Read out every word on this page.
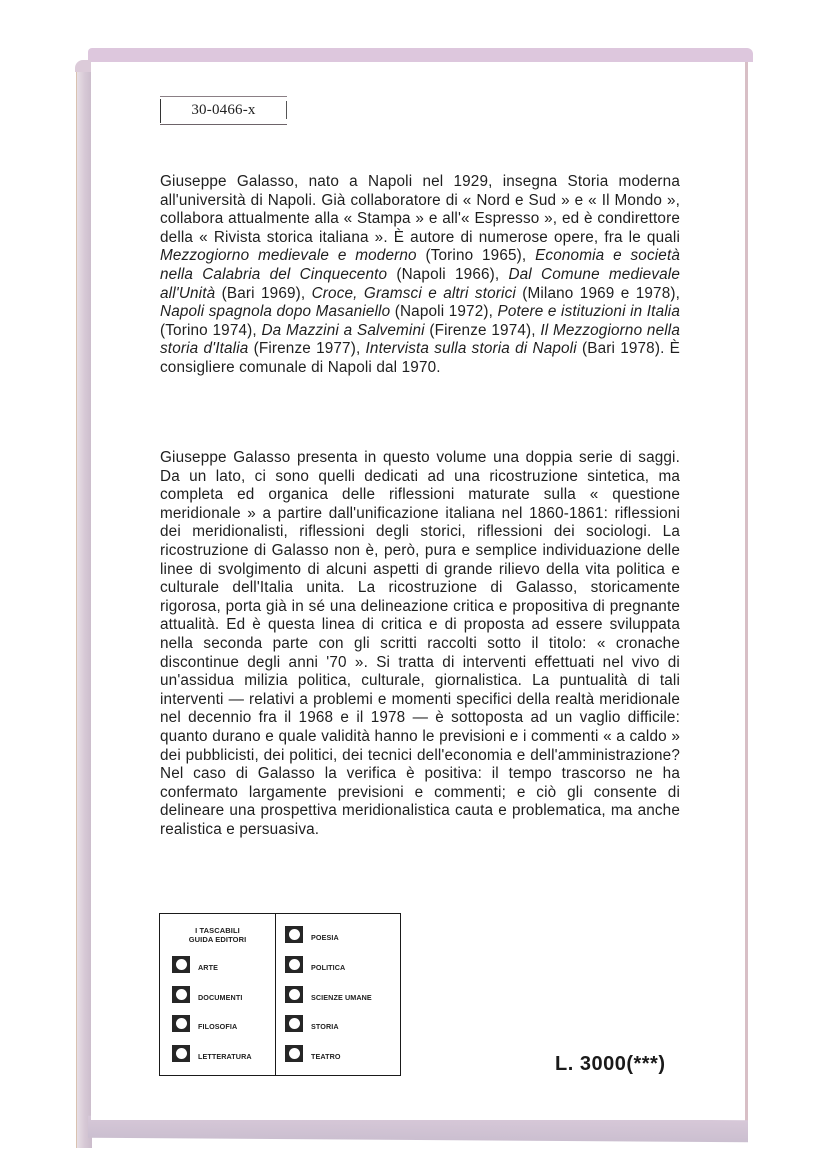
30-0466-x
Giuseppe Galasso, nato a Napoli nel 1929, insegna Storia moderna all'università di Napoli. Già collaboratore di « Nord e Sud » e « Il Mondo », collabora attualmente alla « Stampa » e all'« Espresso », ed è condirettore della « Rivista storica italiana ». È autore di numerose opere, fra le quali Mezzogiorno medievale e moderno (Torino 1965), Economia e società nella Calabria del Cinquecento (Napoli 1966), Dal Comune medievale all'Unità (Bari 1969), Croce, Gramsci e altri storici (Milano 1969 e 1978), Napoli spagnola dopo Masaniello (Napoli 1972), Potere e istituzioni in Italia (Torino 1974), Da Mazzini a Salvemini (Firenze 1974), Il Mezzogiorno nella storia d'Italia (Firenze 1977), Intervista sulla storia di Napoli (Bari 1978). È consigliere comunale di Napoli dal 1970.
Giuseppe Galasso presenta in questo volume una doppia serie di saggi. Da un lato, ci sono quelli dedicati ad una ricostruzione sintetica, ma completa ed organica delle riflessioni maturate sulla « questione meridionale » a partire dall'unificazione italiana nel 1860-1861: riflessioni dei meridionalisti, riflessioni degli storici, riflessioni dei sociologi. La ricostruzione di Galasso non è, però, pura e semplice individuazione delle linee di svolgimento di alcuni aspetti di grande rilievo della vita politica e culturale dell'Italia unita. La ricostruzione di Galasso, storicamente rigorosa, porta già in sé una delineazione critica e propositiva di pregnante attualità. Ed è questa linea di critica e di proposta ad essere sviluppata nella seconda parte con gli scritti raccolti sotto il titolo: « cronache discontinue degli anni '70 ». Si tratta di interventi effettuati nel vivo di un'assidua milizia politica, culturale, giornalistica. La puntualità di tali interventi — relativi a problemi e momenti specifici della realtà meridionale nel decennio fra il 1968 e il 1978 — è sottoposta ad un vaglio difficile: quanto durano e quale validità hanno le previsioni e i commenti « a caldo » dei pubblicisti, dei politici, dei tecnici dell'economia e dell'amministrazione? Nel caso di Galasso la verifica è positiva: il tempo trascorso ne ha confermato largamente previsioni e commenti; e ciò gli consente di delineare una prospettiva meridionalistica cauta e problematica, ma anche realistica e persuasiva.
I TASCABILI
GUIDA EDITORI
ARTE
DOCUMENTI
FILOSOFIA
LETTERATURA
POESIA
POLITICA
SCIENZE UMANE
STORIA
TEATRO	L. 3000(***)
